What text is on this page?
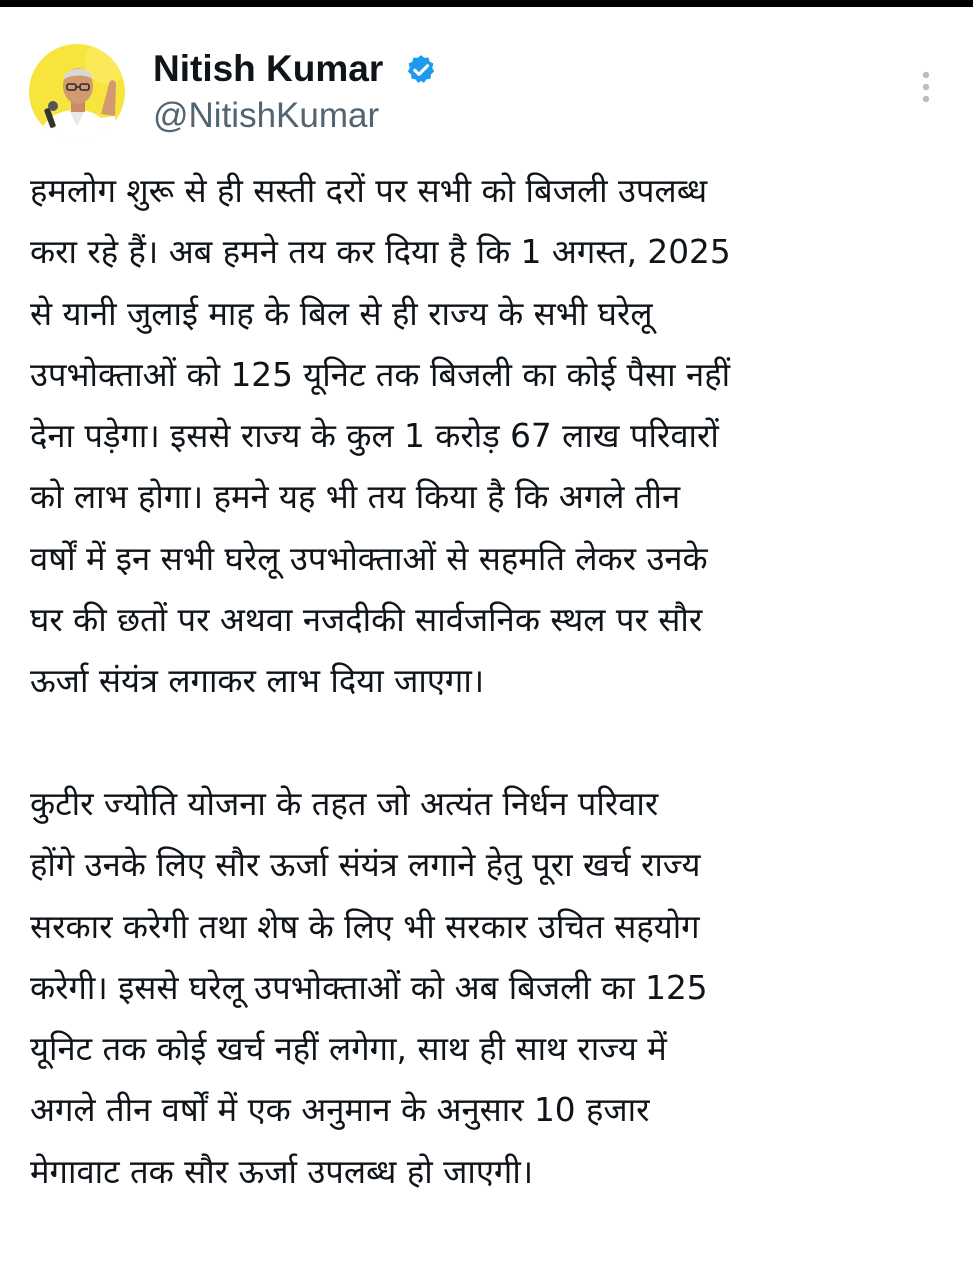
Nitish Kumar
@NitishKumar
हमलोग शुरू से ही सस्ती दरों पर सभी को बिजली उपलब्ध
करा रहे हैं। अब हमने तय कर दिया है कि 1 अगस्त, 2025
से यानी जुलाई माह के बिल से ही राज्य के सभी घरेलू
उपभोक्ताओं को 125 यूनिट तक बिजली का कोई पैसा नहीं
देना पड़ेगा। इससे राज्य के कुल 1 करोड़ 67 लाख परिवारों
को लाभ होगा। हमने यह भी तय किया है कि अगले तीन
वर्षों में इन सभी घरेलू उपभोक्ताओं से सहमति लेकर उनके
घर की छतों पर अथवा नजदीकी सार्वजनिक स्थल पर सौर
ऊर्जा संयंत्र लगाकर लाभ दिया जाएगा।
कुटीर ज्योति योजना के तहत जो अत्यंत निर्धन परिवार
होंगे उनके लिए सौर ऊर्जा संयंत्र लगाने हेतु पूरा खर्च राज्य
सरकार करेगी तथा शेष के लिए भी सरकार उचित सहयोग
करेगी। इससे घरेलू उपभोक्ताओं को अब बिजली का 125
यूनिट तक कोई खर्च नहीं लगेगा, साथ ही साथ राज्य में
अगले तीन वर्षों में एक अनुमान के अनुसार 10 हजार
मेगावाट तक सौर ऊर्जा उपलब्ध हो जाएगी।
